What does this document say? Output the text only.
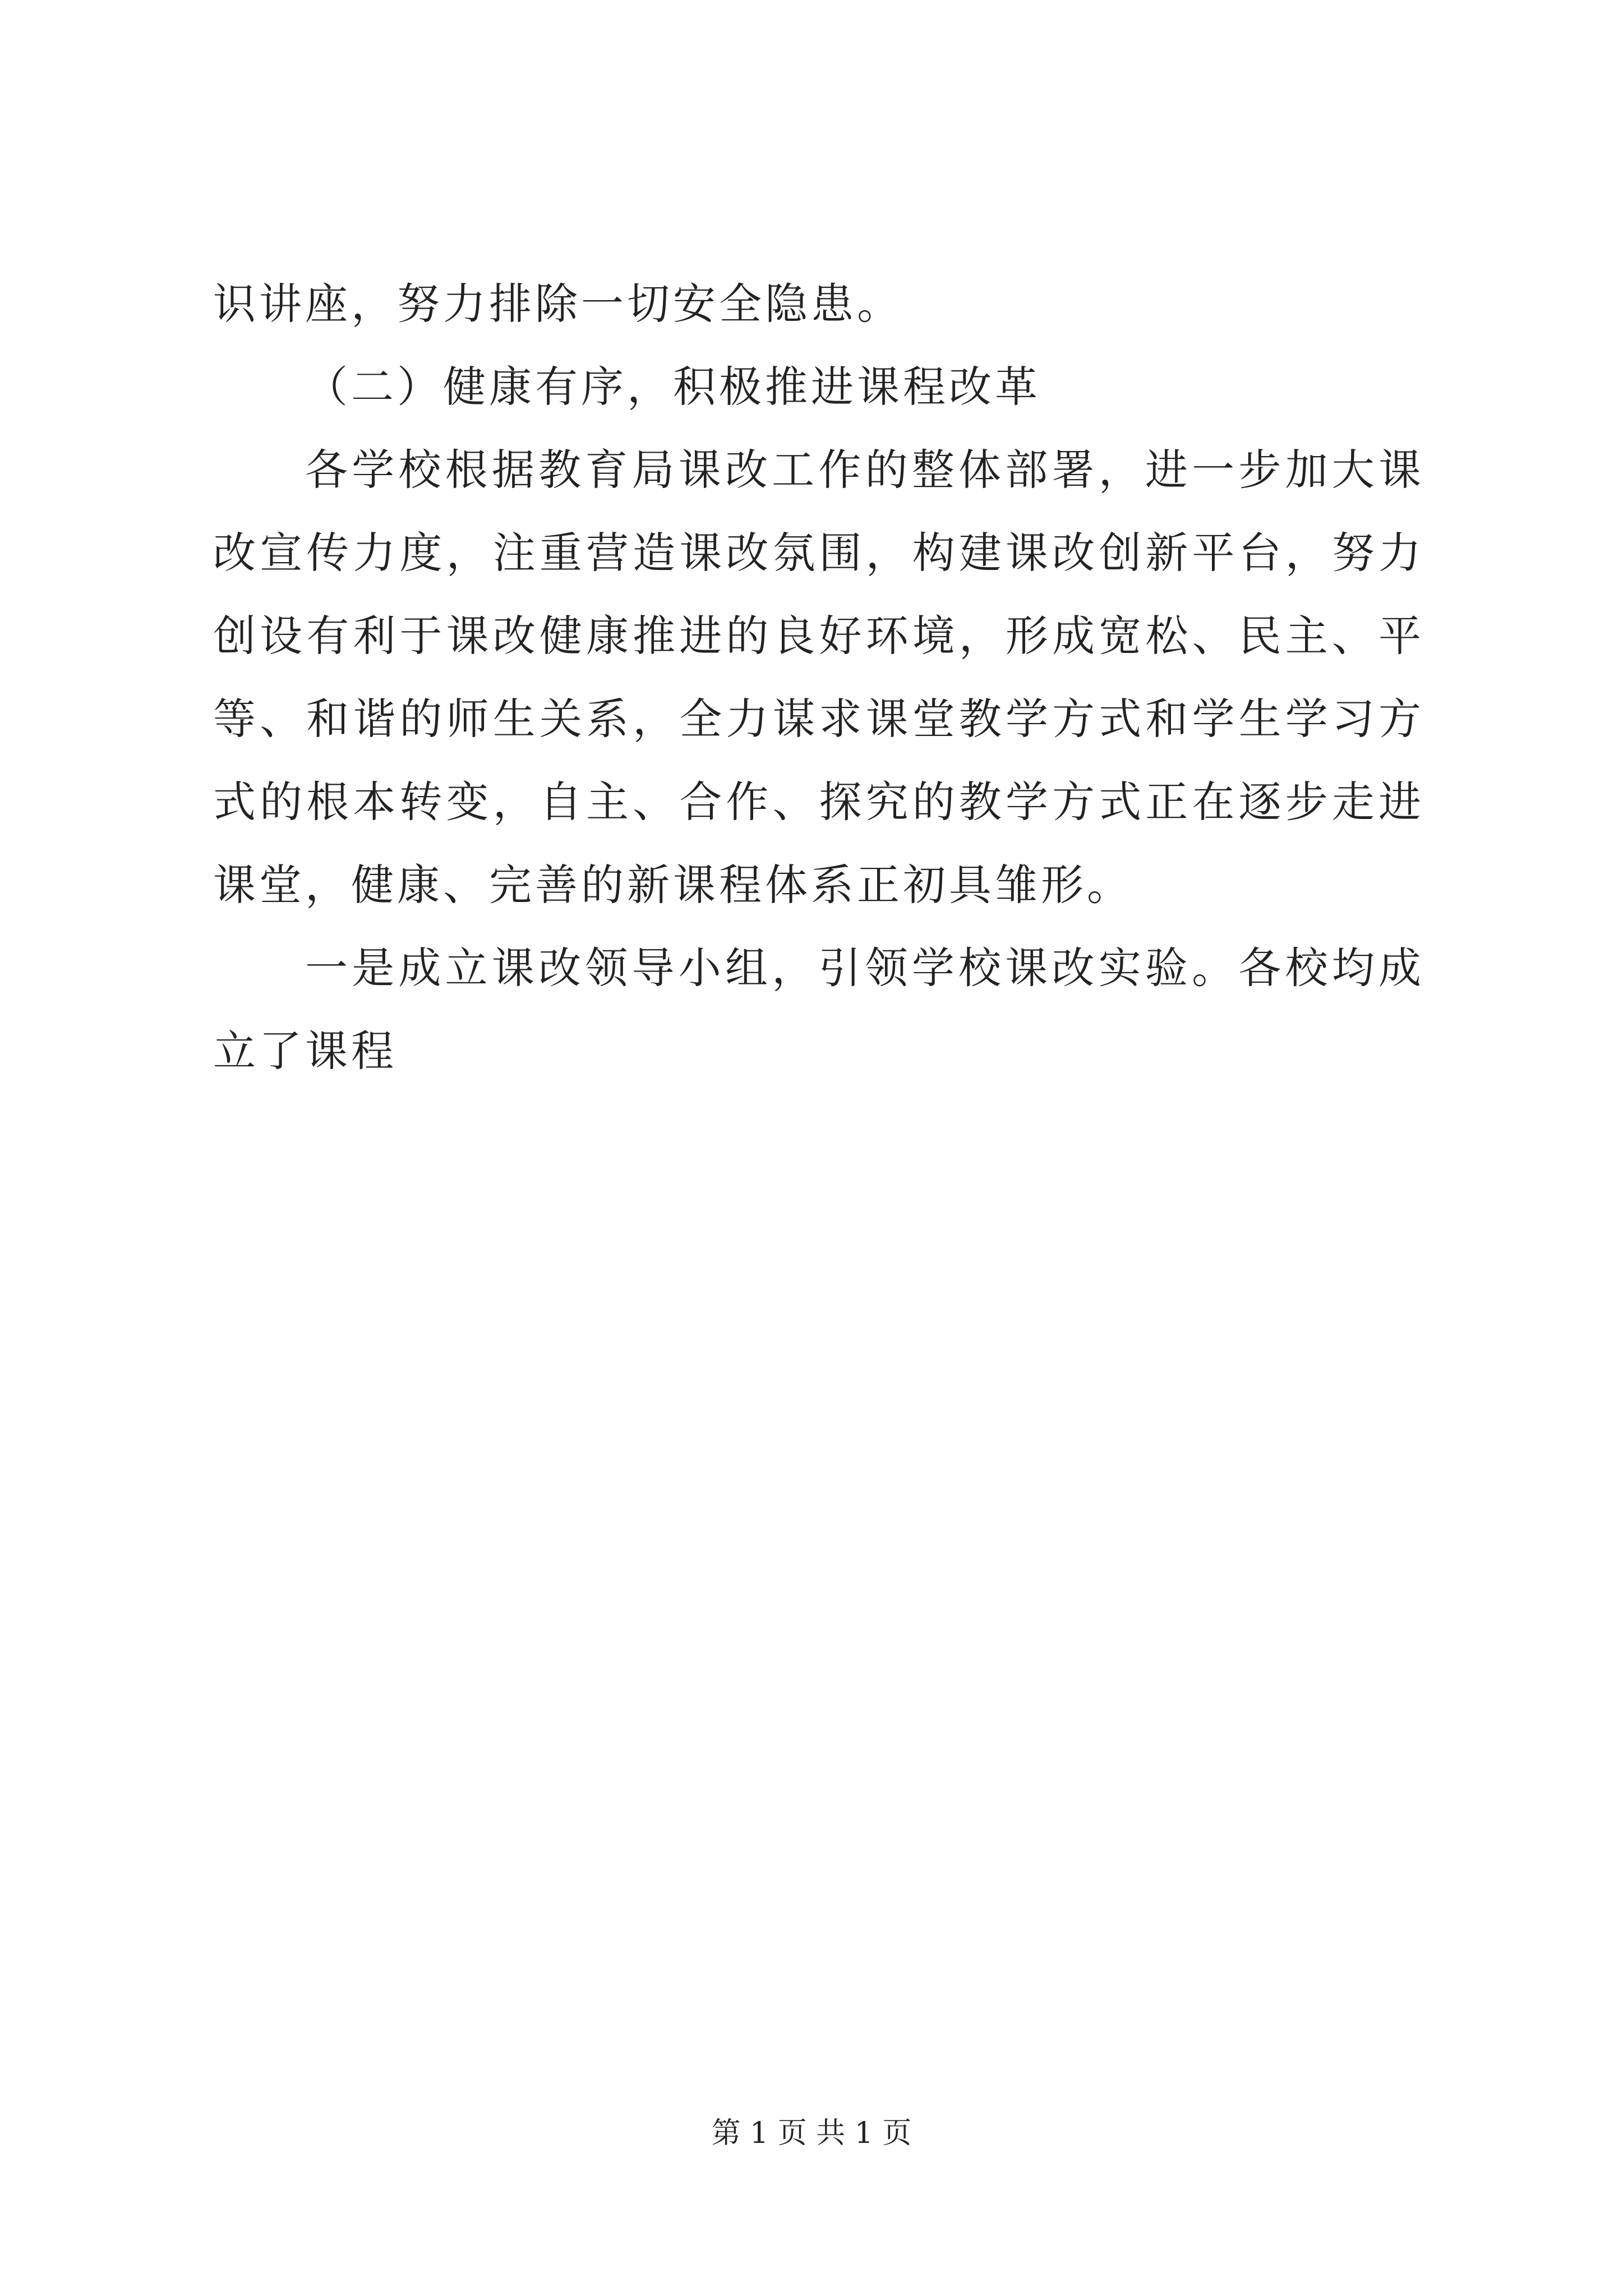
识讲座，努力排除一切安全隐患。

（二）健康有序，积极推进课程改革

各学校根据教育局课改工作的整体部署，进一步加大课改宣传力度，注重营造课改氛围，构建课改创新平台，努力创设有利于课改健康推进的良好环境，形成宽松、民主、平等、和谐的师生关系，全力谋求课堂教学方式和学生学习方式的根本转变，自主、合作、探究的教学方式正在逐步走进课堂，健康、完善的新课程体系正初具雏形。

一是成立课改领导小组，引领学校课改实验。各校均成立了课程

第 1 页 共 1 页
